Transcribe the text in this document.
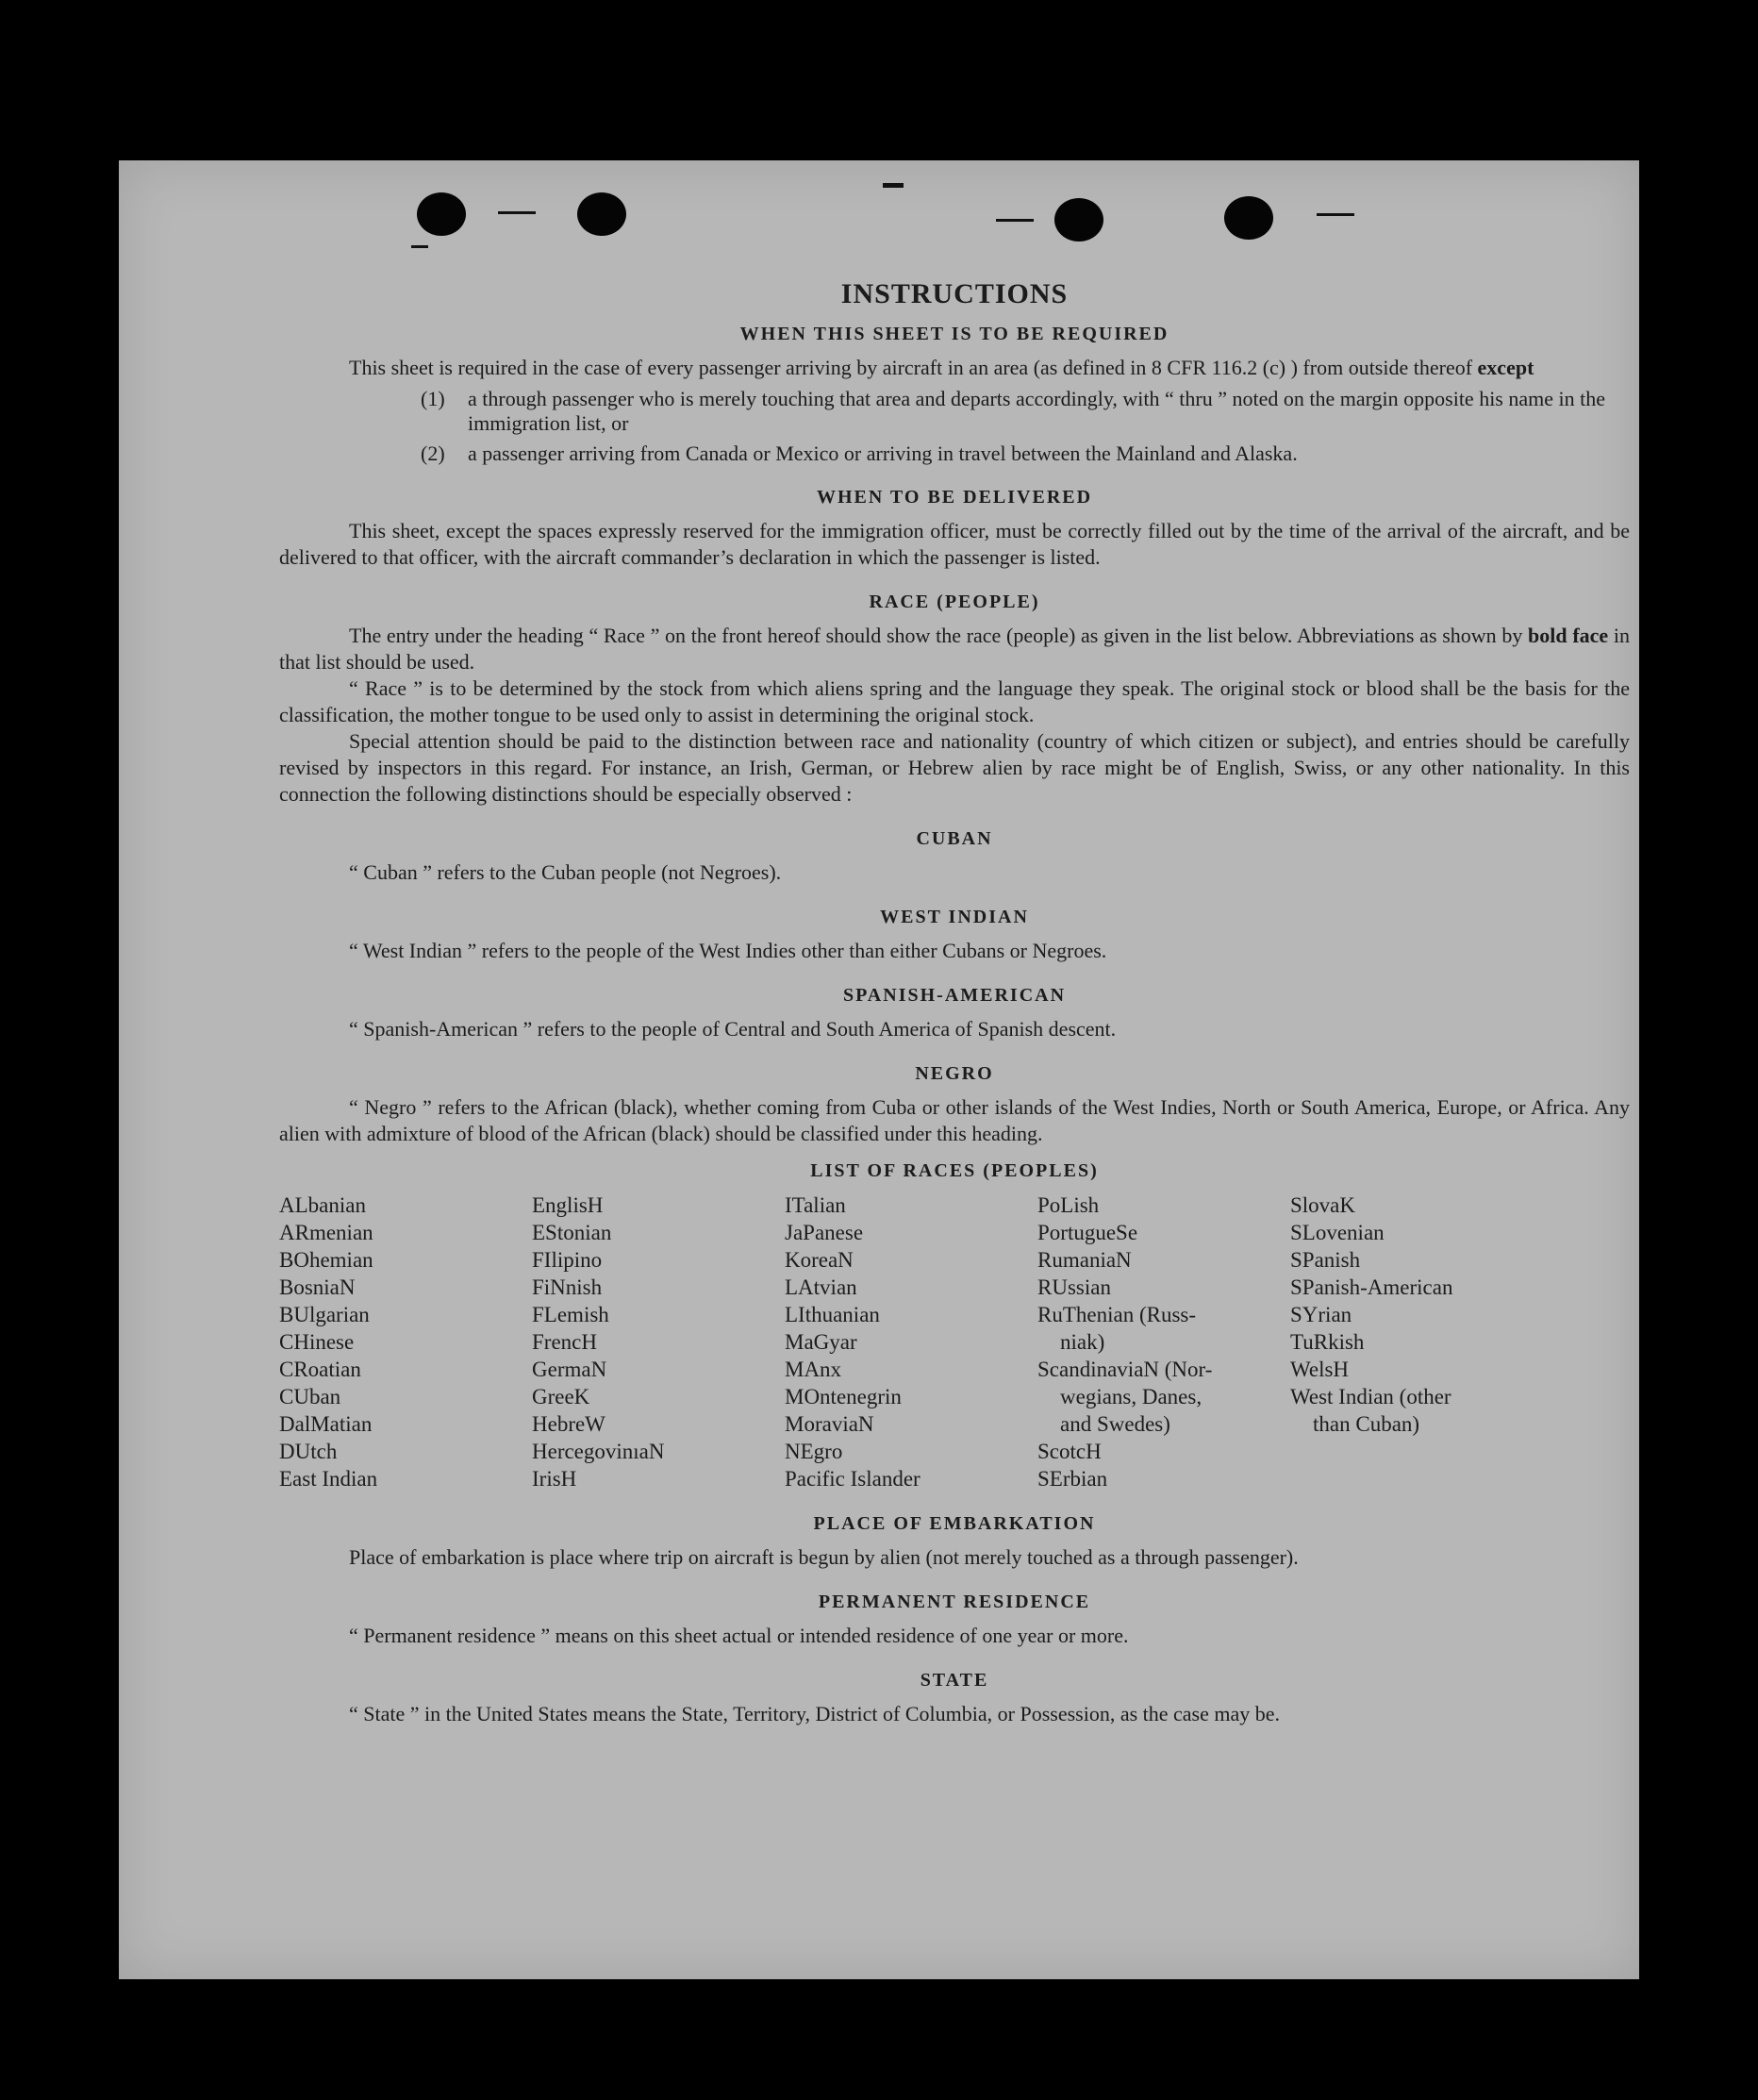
INSTRUCTIONS
WHEN THIS SHEET IS TO BE REQUIRED

This sheet is required in the case of every passenger arriving by aircraft in an area (as defined in 8 CFR 116.2 (c) ) from outside thereof except

(1)	a through passenger who is merely touching that area and departs accordingly, with “ thru ” noted on the margin opposite his name in the immigration list, or
(2)	a passenger arriving from Canada or Mexico or arriving in travel between the Mainland and Alaska.
WHEN TO BE DELIVERED

This sheet, except the spaces expressly reserved for the immigration officer, must be correctly filled out by the time of the arrival of the aircraft, and be delivered to that officer, with the aircraft commander’s declaration in which the passenger is listed.

RACE (PEOPLE)

The entry under the heading “ Race ” on the front hereof should show the race (people) as given in the list below. Abbreviations as shown by bold face in that list should be used.

“ Race ” is to be determined by the stock from which aliens spring and the language they speak. The original stock or blood shall be the basis for the classification, the mother tongue to be used only to assist in determining the original stock.

Special attention should be paid to the distinction between race and nationality (country of which citizen or subject), and entries should be carefully revised by inspectors in this regard. For instance, an Irish, German, or Hebrew alien by race might be of English, Swiss, or any other nationality. In this connection the following distinctions should be especially observed :

CUBAN

“ Cuban ” refers to the Cuban people (not Negroes).

WEST INDIAN

“ West Indian ” refers to the people of the West Indies other than either Cubans or Negroes.

SPANISH-AMERICAN

“ Spanish-American ” refers to the people of Central and South America of Spanish descent.

NEGRO

“ Negro ” refers to the African (black), whether coming from Cuba or other islands of the West Indies, North or South America, Europe, or Africa. Any alien with admixture of blood of the African (black) should be classified under this heading.

LIST OF RACES (PEOPLES)
ALbanian
ARmenian
BOhemian
BosniaN
BUlgarian
CHinese
CRoatian
CUban
DalMatian
DUtch
East Indian
EnglisH
EStonian
FIlipino
FiNnish
FLemish
FrencH
GermaN
GreeK
HebreW
HercegovinıaN
IrisH
ITalian
JaPanese
KoreaN
LAtvian
LIthuanian
MaGyar
MAnx
MOntenegrin
MoraviaN
NEgro
Pacific Islander
PoLish
PortugueSe
RumaniaN
RUssian
RuThenian (Russ-
niak)
ScandinaviaN (Nor-
wegians, Danes,
and Swedes)
ScotcH
SErbian
SlovaK
SLovenian
SPanish
SPanish-American
SYrian
TuRkish
WelsH
West Indian (other
than Cuban)
PLACE OF EMBARKATION

Place of embarkation is place where trip on aircraft is begun by alien (not merely touched as a through passenger).

PERMANENT RESIDENCE

“ Permanent residence ” means on this sheet actual or intended residence of one year or more.

STATE

“ State ” in the United States means the State, Territory, District of Columbia, or Possession, as the case may be.
